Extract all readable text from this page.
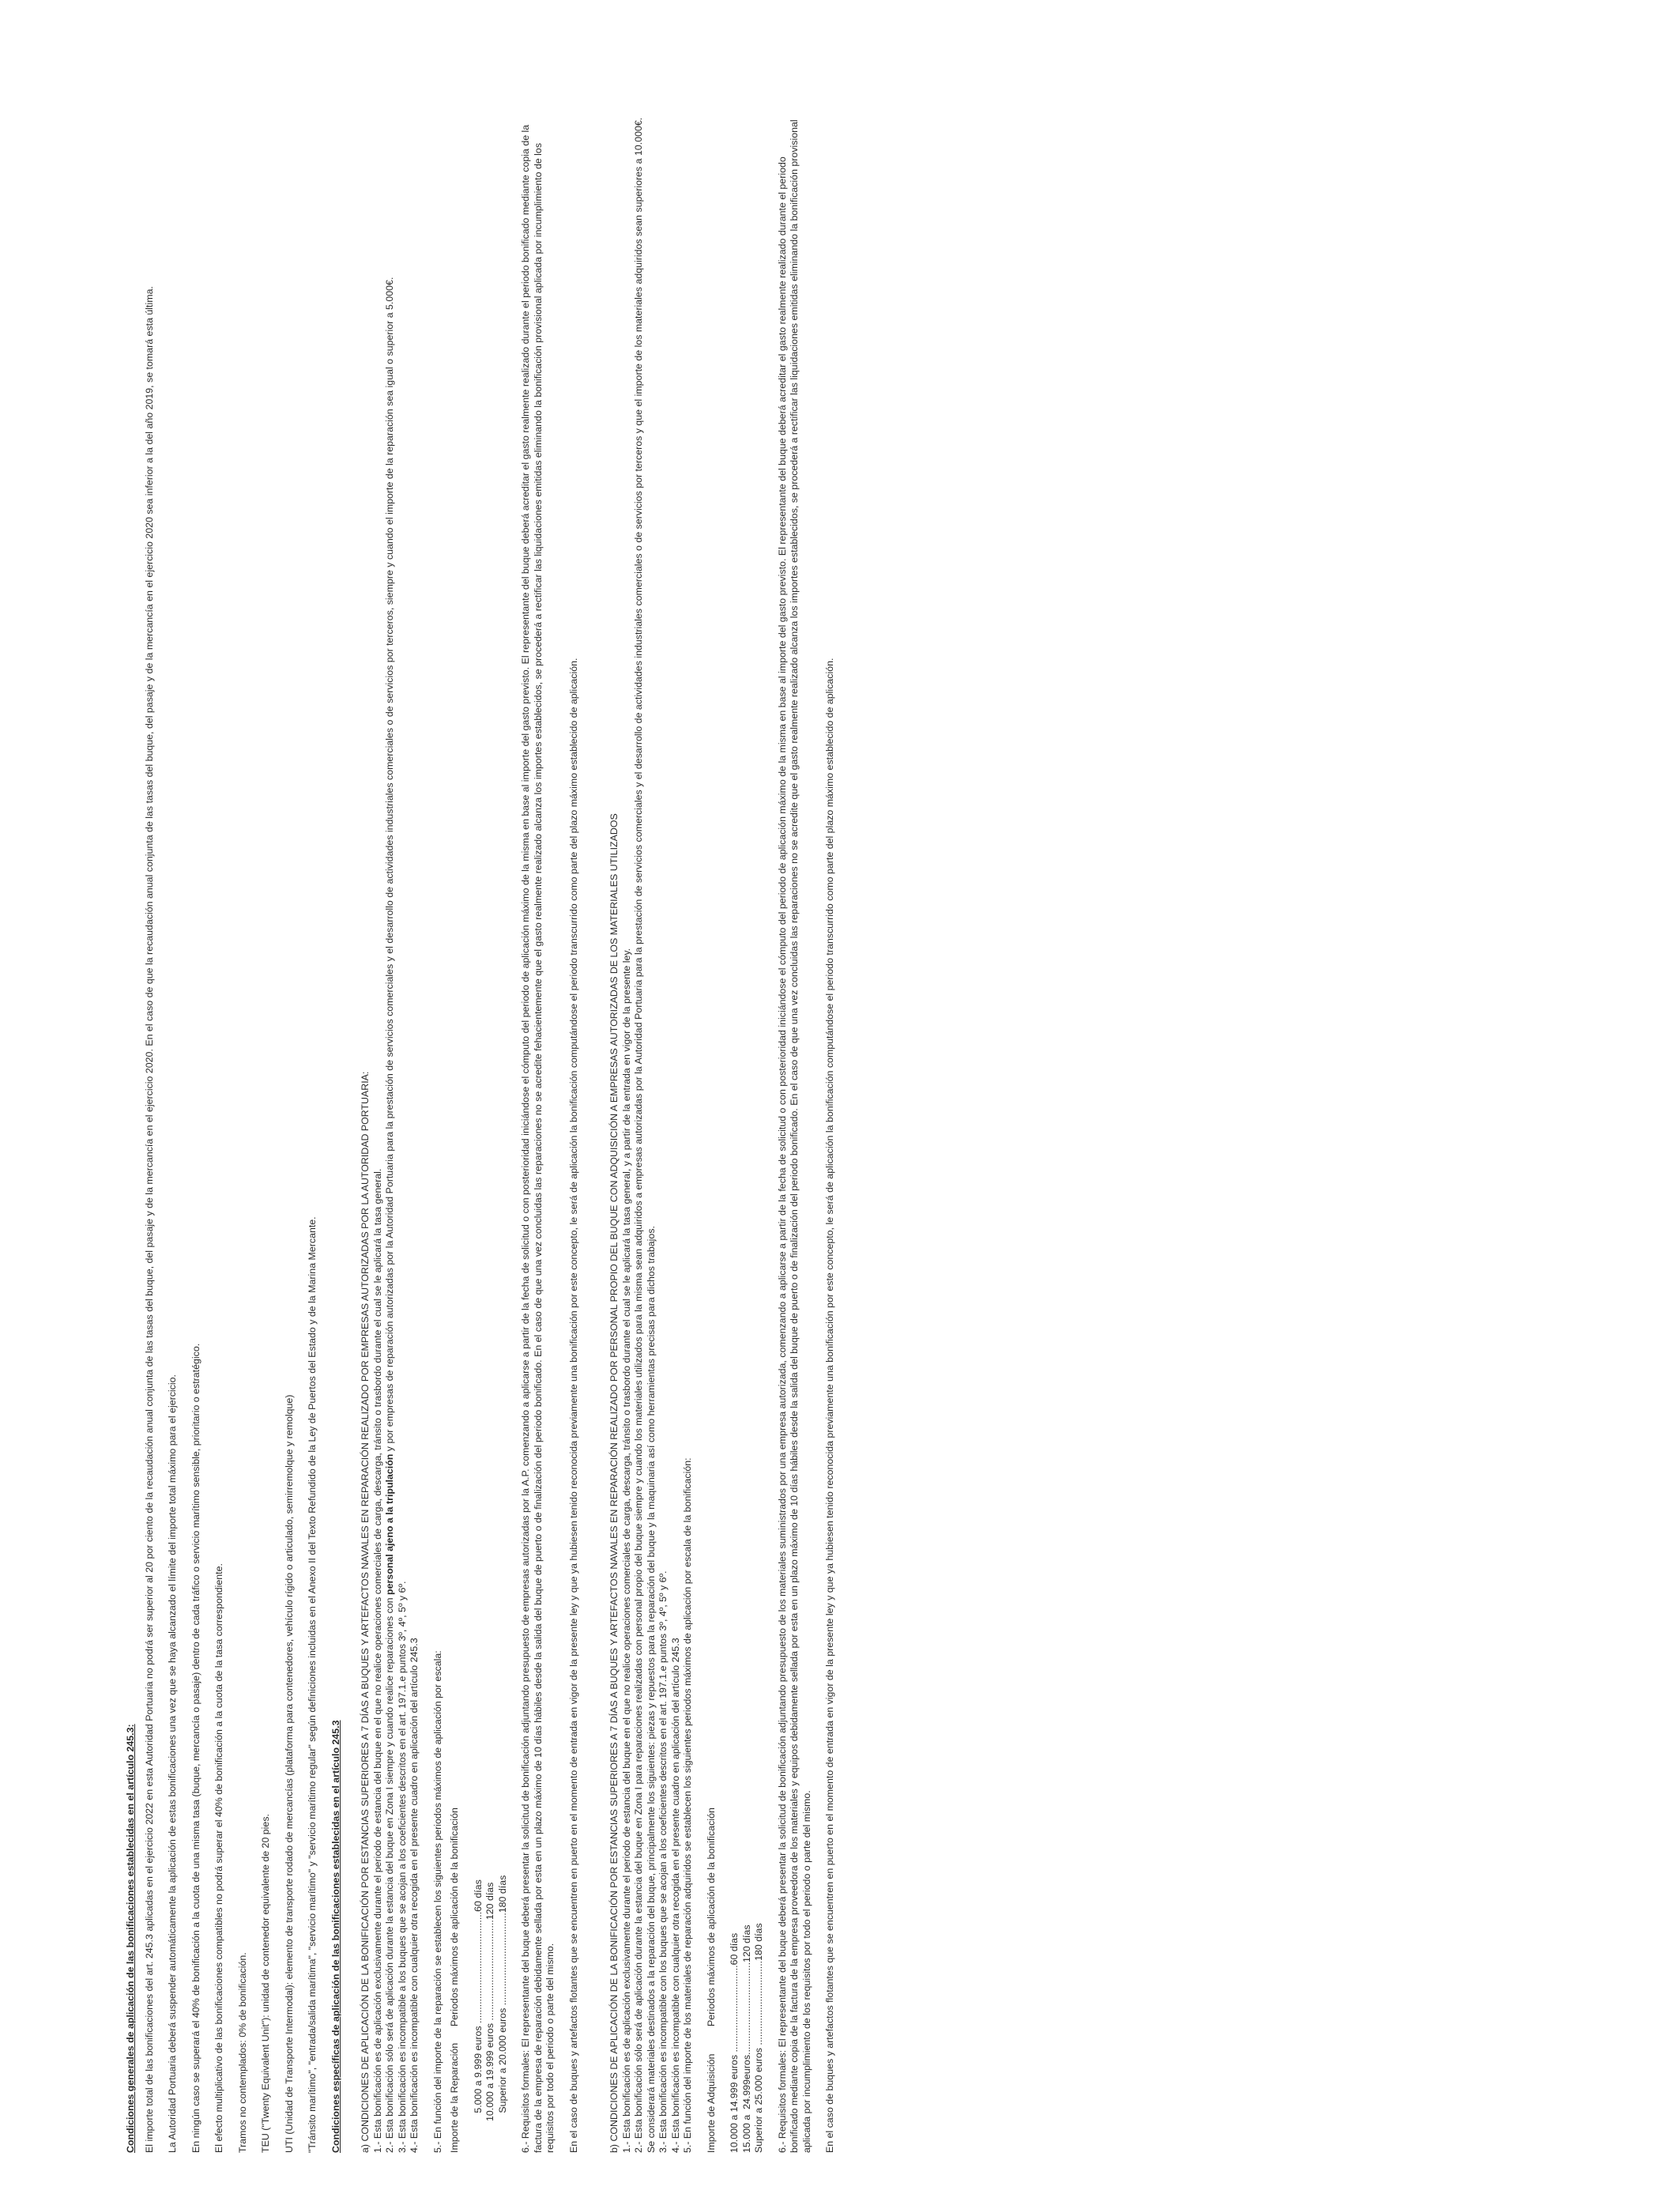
Condiciones generales de aplicación de las bonificaciones establecidas en el artículo 245.3: El importe total de las bonificaciones del art. 245.3 aplicadas en el ejercicio 2022 en esta Autoridad Portuaria no podrá ser superior al 20 por ciento de la recaudación anual conjunta de las tasas del buque, del pasaje y de la mercancía en el ejercicio 2020. En el caso de que la recaudación anual conjunta de las tasas del buque, del pasaje y de la mercancía en el ejercicio 2020 sea inferior a la del año 2019, se tomará esta última. La Autoridad Portuaria deberá suspender automáticamente la aplicación de estas bonificaciones una vez que se haya alcanzado el límite del importe total máximo para el ejercicio. En ningún caso se superará el 40% de bonificación a la cuota de una misma tasa (buque, mercancía o pasaje) dentro de cada tráfico o servicio marítimo sensible, prioritario o estratégico. El efecto multiplicativo de las bonificaciones compatibles no podrá superar el 40% de bonificación a la cuota de la tasa correspondiente. Tramos no contemplados: 0% de bonificación. TEU ("Twenty Equivalent Unit"): unidad de contenedor equivalente de 20 pies. UTI (Unidad de Transporte Intermodal): elemento de transporte rodado de mercancías (plataforma para contenedores, vehículo rígido o articulado, semirremolque y remolque) "Tránsito marítimo", "entrada/salida marítima", "servicio marítimo" y "servicio marítimo regular" según definiciones incluidas en el Anexo II del Texto Refundido de la Ley de Puertos del Estado y de la Marina Mercante. Condiciones específicas de aplicación de las bonificaciones establecidas en el artículo 245.3 a) CONDICIONES DE APLICACIÓN DE LA BONIFICACIÓN POR ESTANCIAS SUPERIORES A 7 DÍAS A BUQUES Y ARTEFACTOS NAVALES EN REPARACIÓN REALIZADO POR EMPRESAS AUTORIZADAS POR LA AUTORIDAD PORTUARIA: 1.- Esta bonificación es de aplicación exclusivamente durante el periodo de estancia del buque en el que no realice operaciones comerciales de carga, descarga, tránsito o trasbordo durante el cual se le aplicará la tasa general. 2.- Esta bonificación sólo será de aplicación durante la estancia del buque en Zona I siempre y cuando realice reparaciones con personal ajeno a la tripulación y por empresas de reparación autorizadas por la Autoridad Portuaria para la prestación de servicios comerciales y el desarrollo de actividades industriales comerciales o de servicios por terceros, siempre y cuando el importe de la reparación sea igual o superior a 5.000€.

3.- Esta bonificación es incompatible a los buques que se acojan a los coeficientes descritos en el art. 197.1.e puntos 3º, 4º, 5º y 6º. 4.- Esta bonificación es incompatible con cualquier otra recogida en el presente cuadro en aplicación del artículo 245.3 5.- En función del importe de la reparación se establecen los siguientes periodos máximos de aplicación por escala: Importe de la Reparación	Periodos máximos de aplicación de la bonificación 5.000 a 9.999 euros .........................................60 días 10.000 a 19.999 euros .....................................120 días Superior a 20.000 euros ..................................180 días 6.- Requisitos formales: El representante del buque deberá presentar la solicitud de bonificación adjuntando presupuesto de empresas autorizadas por la A.P. comenzando a aplicarse a partir de la fecha de solicitud o con posterioridad iniciándose el cómputo del periodo de aplicación máximo de la misma en base al importe del gasto previsto. El representante del buque deberá acreditar el gasto realmente realizado durante el periodo bonificado mediante copia de la factura de la empresa de reparación debidamente sellada por esta en un plazo máximo de 10 días hábiles desde la salida del buque de puerto o de finalización del periodo bonificado. En el caso de que una vez concluidas las reparaciones no se acredite fehacientemente que el gasto realmente realizado alcanza los importes establecidos, se procederá a rectificar las liquidaciones emitidas eliminando la bonificación provisional aplicada por incumplimiento de los requisitos por todo el periodo o parte del mismo. En el caso de buques y artefactos flotantes que se encuentren en puerto en el momento de entrada en vigor de la presente ley y que ya hubiesen tenido reconocida previamente una bonificación por este concepto, le será de aplicación la bonificación computándose el periodo transcurrido como parte del plazo máximo establecido de aplicación.	b) CONDICIONES DE APLICACIÓN DE LA BONIFICACIÓN POR ESTANCIAS SUPERIORES A 7 DÍAS A BUQUES Y ARTEFACTOS NAVALES EN REPARACIÓN REALIZADO POR PERSONAL PROPIO DEL BUQUE CON ADQUISICIÓN A EMPRESAS AUTORIZADAS DE LOS MATERIALES UTILIZADOS 1.- Esta bonificación es de aplicación exclusivamente durante el periodo de estancia del buque en el que no realice operaciones comerciales de carga, descarga, tránsito o trasbordo durante el cual se le aplicará la tasa general, y a partir de la entrada en vigor de la presente ley. 2.- Esta bonificación sólo será de aplicación durante la estancia del buque en Zona I para reparaciones realizadas con personal propio del buque siempre y cuando los materiales utilizados para la misma sean adquiridos a empresas autorizadas por la Autoridad Portuaria para la prestación de servicios comerciales y el desarrollo de actividades industriales comerciales o de servicios por terceros y que el importe de los materiales adquiridos sean superiores a 10.000€. Se considerará materiales destinados a la reparación del buque, principalmente los siguientes: piezas y repuestos para la reparación del buque y la maquinaria así como herramientas precisas para dichos trabajos. 3.- Esta bonificación es incompatible con los buques que se acojan a los coeficientes descritos en el art. 197.1.e puntos 3º, 4º, 5º y 6º. 4.- Esta bonificación es incompatible con cualquier otra recogida en el presente cuadro en aplicación del artículo 245.3 5.- En función del importe de los materiales de reparación adquiridos se establecen los siguientes periodos máximos de aplicación por escala de la bonificación: Importe de Adquisición	Periodos máximos de aplicación de la bonificación

10.000 a 14.999 euros ................................60 días 15.000 a  24.999euros..................................120 días Superior a 25.000 euros ...............................180 días 6.- Requisitos formales: El representante del buque deberá presentar la solicitud de bonificación adjuntando presupuesto de los materiales suministrados por una empresa autorizada, comenzando a aplicarse a partir de la fecha de solicitud o con posterioridad iniciándose el cómputo del periodo de aplicación máximo de la misma en base al importe del gasto previsto. El representante del buque deberá acreditar el gasto realmente realizado durante el periodo bonificado mediante copia de la factura de la empresa proveedora de los materiales y equipos debidamente sellada por esta en un plazo máximo de 10 días hábiles desde la salida del buque de puerto o de finalización del periodo bonificado. En el caso de que una vez concluidas las reparaciones no se acredite que el gasto realmente realizado alcanza los importes establecidos, se procederá a rectificar las liquidaciones emitidas eliminando la bonificación provisional aplicada por incumplimiento de los requisitos por todo el periodo o parte del mismo. En el caso de buques y artefactos flotantes que se encuentren en puerto en el momento de entrada en vigor de la presente ley y que ya hubiesen tenido reconocida previamente una bonificación por este concepto, le será de aplicación la bonificación computándose el periodo transcurrido como parte del plazo máximo establecido de aplicación.
